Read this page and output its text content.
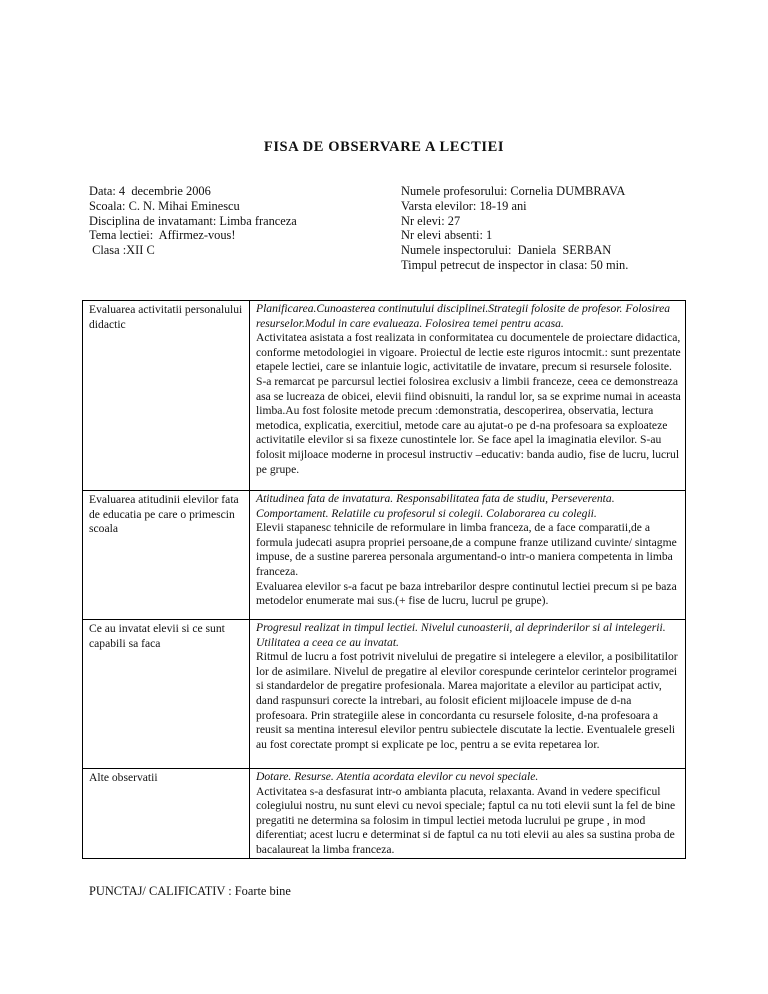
FISA DE OBSERVARE A LECTIEI
Data: 4  decembrie 2006
Scoala: C. N. Mihai Eminescu
Disciplina de invatamant: Limba franceza
Tema lectiei:  Affirmez-vous!
Clasa :XII C
Numele profesorului: Cornelia DUMBRAVA
Varsta elevilor: 18-19 ani
Nr elevi: 27
Nr elevi absenti: 1
Numele inspectorului:  Daniela  SERBAN
Timpul petrecut de inspector in clasa: 50 min.
Evaluarea activitatii personalului didactic	Planificarea.Cunoasterea continutului disciplinei.Strategii folosite de profesor. Folosirea resurselor.Modul in care evalueaza. Folosirea temei pentru acasa.
Activitatea asistata a fost realizata in conformitatea cu documentele de proiectare didactica, conforme metodologiei in vigoare. Proiectul de lectie este riguros intocmit.: sunt prezentate etapele lectiei, care se inlantuie logic, activitatile de invatare, precum si resursele folosite. S-a remarcat pe parcursul lectiei folosirea exclusiv a limbii franceze, ceea ce demonstreaza asa se lucreaza de obicei, elevii fiind obisnuiti, la randul lor, sa se exprime numai in aceasta limba.Au fost folosite metode precum :demonstratia, descoperirea, observatia, lectura metodica, explicatia, exercitiul, metode care au ajutat-o pe d-na profesoara sa exploateze activitatile elevilor si sa fixeze cunostintele lor. Se face apel la imaginatia elevilor. S-au folosit mijloace moderne in procesul instructiv –educativ: banda audio, fise de lucru, lucrul pe grupe.

Evaluarea atitudinii elevilor fata de educatia pe care o primescin scoala	Atitudinea fata de invatatura. Responsabilitatea fata de studiu, Perseverenta. Comportament. Relatiile cu profesorul si colegii. Colaborarea cu colegii.
Elevii stapanesc tehnicile de reformulare in limba franceza, de a face comparatii,de a formula judecati asupra propriei persoane,de a compune franze utilizand cuvinte/ sintagme impuse, de a sustine parerea personala argumentand-o intr-o maniera competenta in limba franceza.
Evaluarea elevilor s-a facut pe baza intrebarilor despre continutul lectiei precum si pe baza metodelor enumerate mai sus.(+ fise de lucru, lucrul pe grupe).

Ce au invatat elevii si ce sunt capabili sa faca	Progresul realizat in timpul lectiei. Nivelul cunoasterii, al deprinderilor si al intelegerii. Utilitatea a ceea ce au invatat.
Ritmul de lucru a fost potrivit nivelului de pregatire si intelegere a elevilor, a posibilitatilor lor de asimilare. Nivelul de pregatire al elevilor corespunde cerintelor cerintelor programei si standardelor de pregatire profesionala. Marea majoritate a elevilor au participat activ, dand raspunsuri corecte la intrebari, au folosit eficient mijloacele impuse de d-na profesoara. Prin strategiile alese in concordanta cu resursele folosite, d-na profesoara a reusit sa mentina interesul elevilor pentru subiectele discutate la lectie. Eventualele greseli au fost corectate prompt si explicate pe loc, pentru a se evita repetarea lor.

Alte observatii	Dotare. Resurse. Atentia acordata elevilor cu nevoi speciale.
Activitatea s-a desfasurat intr-o ambianta placuta, relaxanta. Avand in vedere specificul colegiului nostru, nu sunt elevi cu nevoi speciale; faptul ca nu toti elevii sunt la fel de bine pregatiti ne determina sa folosim in timpul lectiei metoda lucrului pe grupe , in mod diferentiat; acest lucru e determinat si de faptul ca nu toti elevii au ales sa sustina proba de bacalaureat la limba franceza.
PUNCTAJ/ CALIFICATIV : Foarte bine
